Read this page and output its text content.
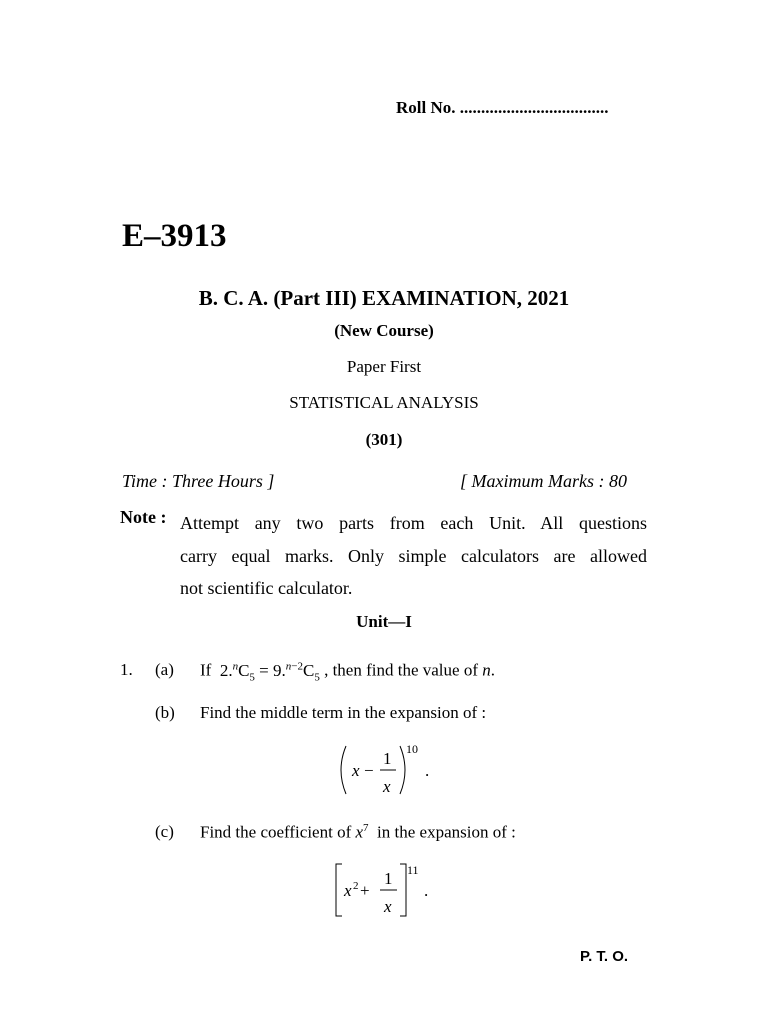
Roll No. ...................................
E–3913
B. C. A. (Part III) EXAMINATION, 2021
(New Course)
Paper First
STATISTICAL ANALYSIS
(301)
Time : Three Hours ]	[ Maximum Marks : 80
Note : Attempt any two parts from each Unit. All questions
carry equal marks. Only simple calculators are allowed
not scientific calculator.
Unit—I
1. (a) If  $2.^nC_5 = 9.^{n-2}C_5$ , then find the value of n.
(b) Find the middle term in the expansion of :
x −
1
x
10
.
(c) Find the coefficient of $x^7$ in the expansion of :
x 2 +
1
x
11
.
P. T. O.
